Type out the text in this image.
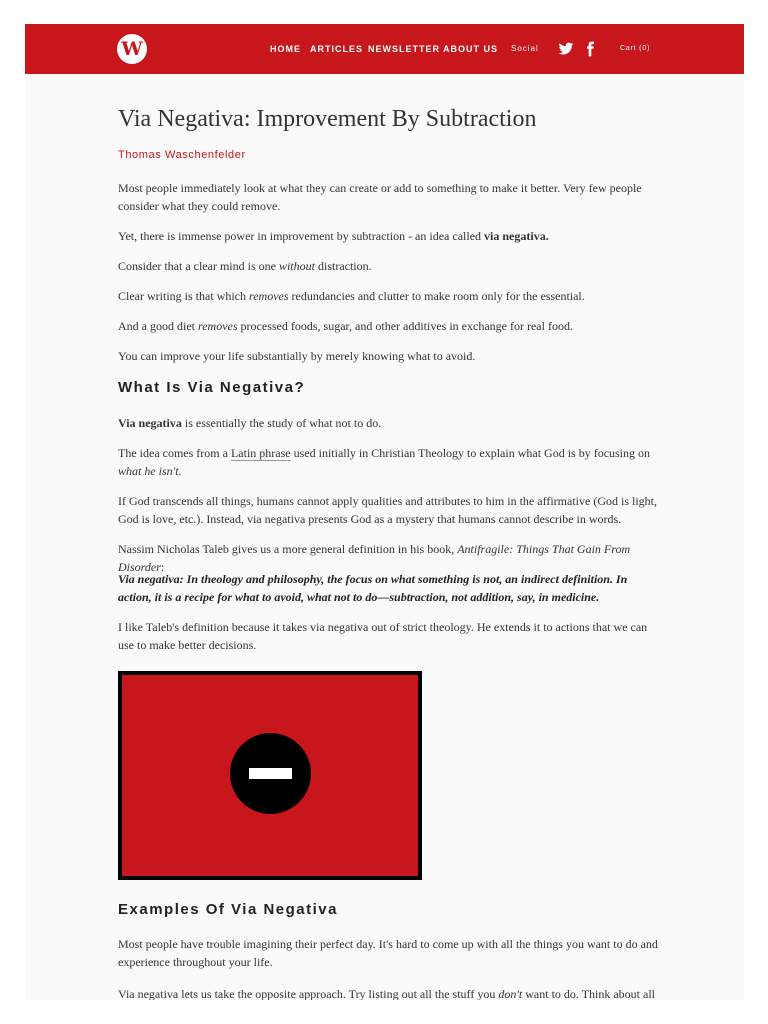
W	HOME ARTICLES NEWSLETTER ABOUT US Social	Cart (0)
Via Negativa: Improvement By Subtraction
Thomas Waschenfelder

Most people immediately look at what they can create or add to something to make it better. Very few people consider what they could remove.

Yet, there is immense power in improvement by subtraction - an idea called via negativa.

Consider that a clear mind is one without distraction.

Clear writing is that which removes redundancies and clutter to make room only for the essential.

And a good diet removes processed foods, sugar, and other additives in exchange for real food.

You can improve your life substantially by merely knowing what to avoid.

What Is Via Negativa?

Via negativa is essentially the study of what not to do.

The idea comes from a Latin phrase used initially in Christian Theology to explain what God is by focusing on what he isn't.

If God transcends all things, humans cannot apply qualities and attributes to him in the affirmative (God is light, God is love, etc.). Instead, via negativa presents God as a mystery that humans cannot describe in words.

Nassim Nicholas Taleb gives us a more general definition in his book, Antifragile: Things That Gain From Disorder:

Via negativa: In theology and philosophy, the focus on what something is not, an indirect definition. In action, it is a recipe for what to avoid, what not to do—subtraction, not addition, say, in medicine.

I like Taleb's definition because it takes via negativa out of strict theology. He extends it to actions that we can use to make better decisions.

Examples Of Via Negativa

Most people have trouble imagining their perfect day. It's hard to come up with all the things you want to do and experience throughout your life.

Via negativa lets us take the opposite approach. Try listing out all the stuff you don't want to do. Think about all
